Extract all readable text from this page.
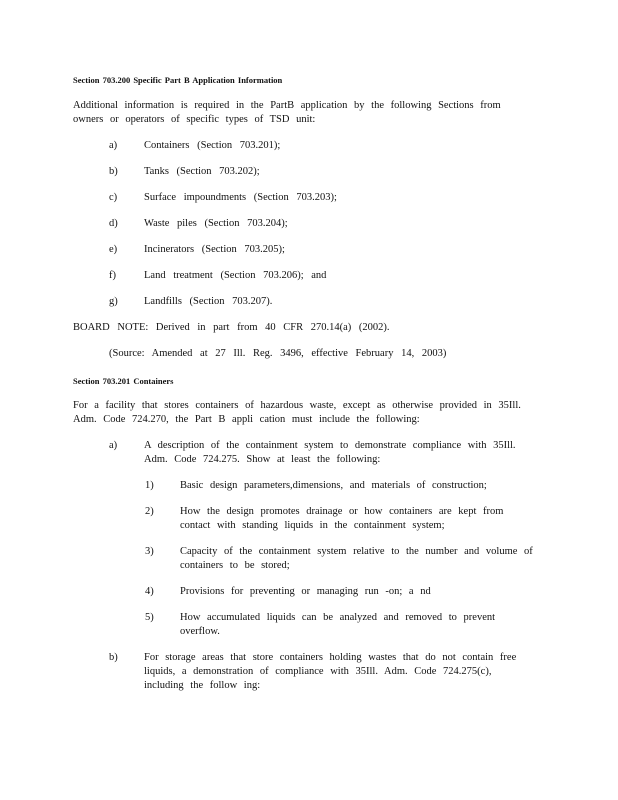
Section 703.200 Specific Part B Application Information
Additional information is required in the PartB application by the following Sections from
owners or operators of specific types of TSD unit:
a)	Containers (Section 703.201);
b)	Tanks (Section 703.202);
c)	Surface impoundments (Section 703.203);
d)	Waste piles (Section 703.204);
e)	Incinerators (Section 703.205);
f)	Land treatment (Section 703.206); and
g)	Landfills (Section 703.207).
BOARD NOTE: Derived in part from 40 CFR 270.14(a) (2002).
(Source: Amended at 27 Ill. Reg. 3496, effective February 14, 2003)
Section 703.201 Containers
For a facility that stores containers of hazardous waste, except as otherwise provided in 35Ill.
Adm. Code 724.270, the Part B appli cation must include the following:
a)	A description of the containment system to demonstrate compliance with 35Ill.
Adm. Code 724.275. Show at least the following:
1)	Basic design parameters,dimensions, and materials of construction;
2)	How the design promotes drainage or how containers are kept from
contact with standing liquids in the containment system;
3)	Capacity of the containment system relative to the number and volume of
containers to be stored;
4)	Provisions for preventing or managing run -on; a nd
5)	How accumulated liquids can be analyzed and removed to prevent
overflow.
b)	For storage areas that store containers holding wastes that do not contain free
liquids, a demonstration of compliance with 35Ill. Adm. Code 724.275(c),
including the follow ing:
